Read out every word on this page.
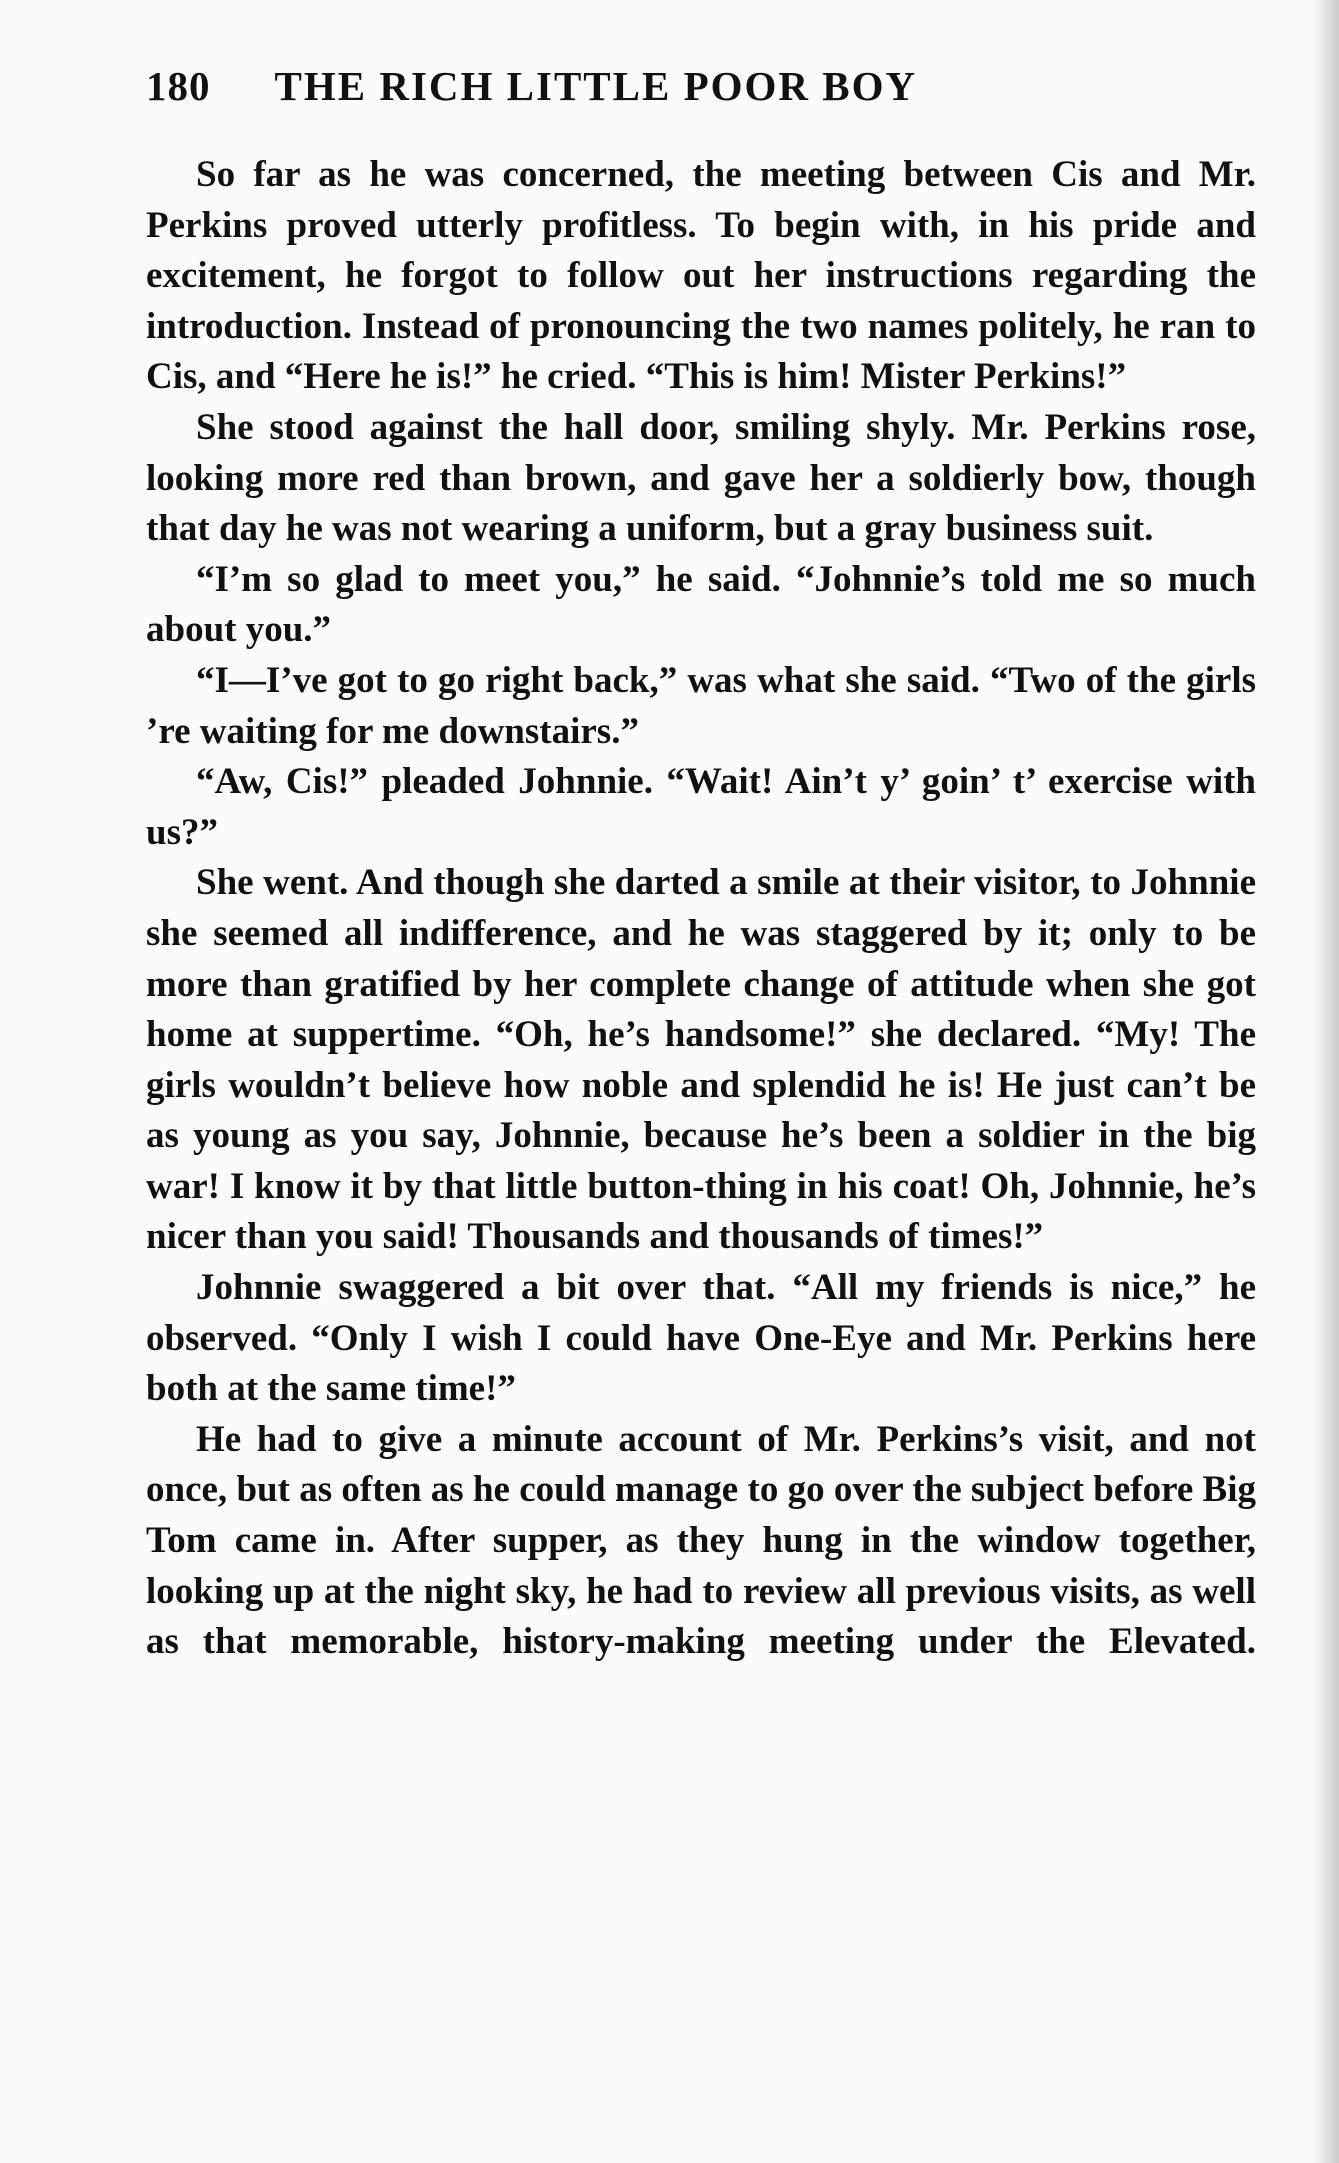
180 THE RICH LITTLE POOR BOY

So far as he was concerned, the meeting between Cis and Mr. Perkins proved utterly profitless. To begin with, in his pride and excitement, he forgot to follow out her instructions regarding the introduction. Instead of pronouncing the two names politely, he ran to Cis, and “Here he is!” he cried. “This is him! Mister Perkins!”

She stood against the hall door, smiling shyly. Mr. Perkins rose, looking more red than brown, and gave her a soldierly bow, though that day he was not wearing a uniform, but a gray business suit.

“I’m so glad to meet you,” he said. “Johnnie’s told me so much about you.”

“I—I’ve got to go right back,” was what she said. “Two of the girls ’re waiting for me downstairs.”

“Aw, Cis!” pleaded Johnnie. “Wait! Ain’t y’ goin’ t’ exercise with us?”

She went. And though she darted a smile at their visitor, to Johnnie she seemed all indifference, and he was staggered by it; only to be more than gratified by her complete change of attitude when she got home at suppertime. “Oh, he’s handsome!” she declared. “My! The girls wouldn’t believe how noble and splendid he is! He just can’t be as young as you say, Johnnie, because he’s been a soldier in the big war! I know it by that little button-thing in his coat! Oh, Johnnie, he’s nicer than you said! Thousands and thousands of times!”

Johnnie swaggered a bit over that. “All my friends is nice,” he observed. “Only I wish I could have One-Eye and Mr. Perkins here both at the same time!”

He had to give a minute account of Mr. Perkins’s visit, and not once, but as often as he could manage to go over the subject before Big Tom came in. After supper, as they hung in the window together, looking up at the night sky, he had to review all previous visits, as well as that memorable, history-making meeting under the Elevated.
